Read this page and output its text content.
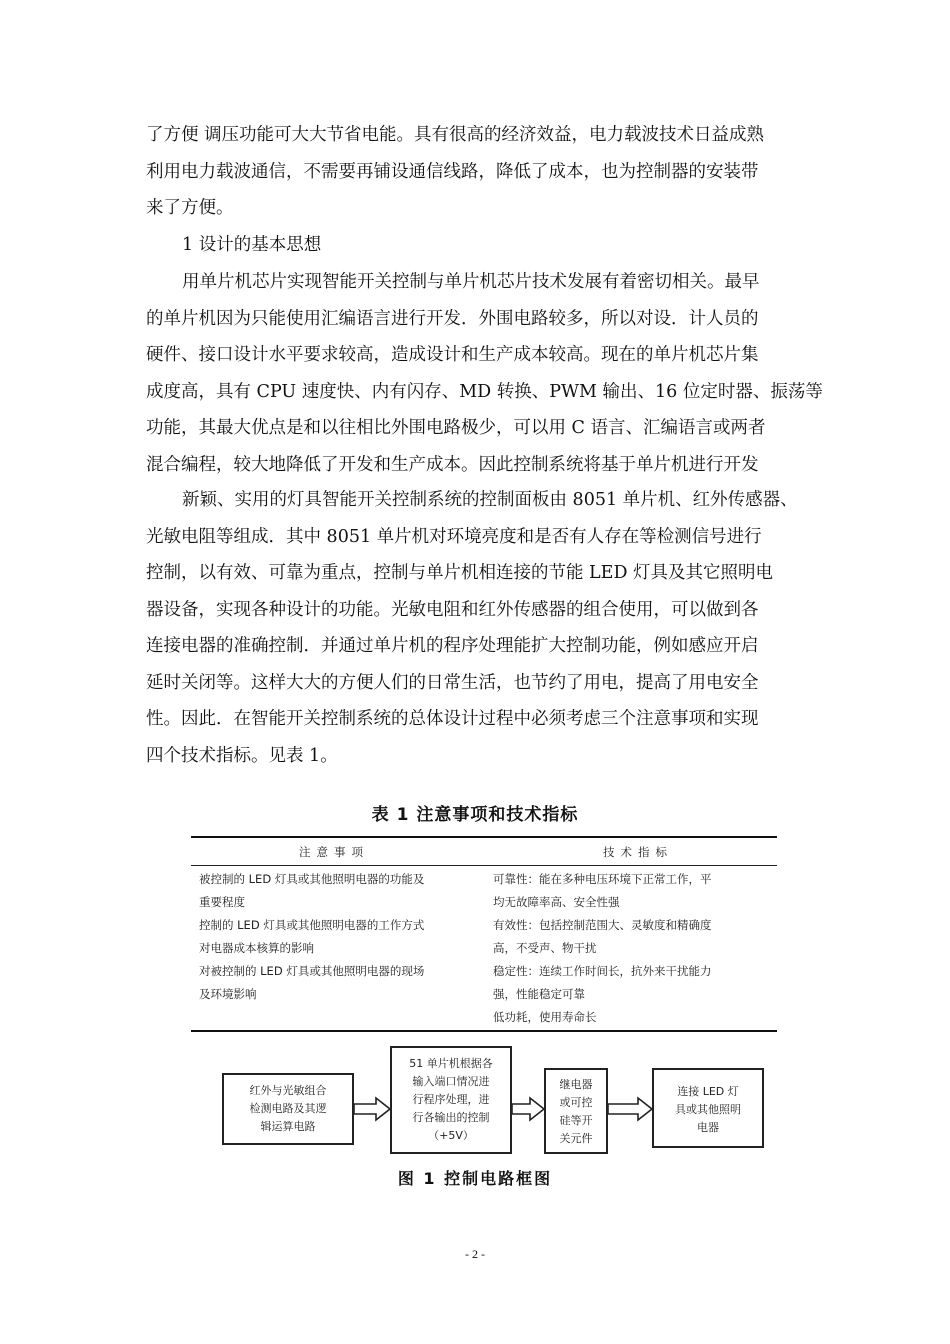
了方便 调压功能可大大节省电能。具有很高的经济效益，电力载波技术日益成熟
利用电力载波通信，不需要再铺设通信线路，降低了成本，也为控制器的安装带
来了方便。
1 设计的基本思想
用单片机芯片实现智能开关控制与单片机芯片技术发展有着密切相关。最早
的单片机因为只能使用汇编语言进行开发．外围电路较多，所以对设．计人员的
硬件、接口设计水平要求较高，造成设计和生产成本较高。现在的单片机芯片集
成度高，具有 CPU 速度快、内有闪存、MD 转换、PWM 输出、16 位定时器、振荡等
功能，其最大优点是和以往相比外围电路极少，可以用 C 语言、汇编语言或两者
混合编程，较大地降低了开发和生产成本。因此控制系统将基于单片机进行开发
新颖、实用的灯具智能开关控制系统的控制面板由 8051 单片机、红外传感器、
光敏电阻等组成．其中 8051 单片机对环境亮度和是否有人存在等检测信号进行
控制，以有效、可靠为重点，控制与单片机相连接的节能 LED 灯具及其它照明电
器设备，实现各种设计的功能。光敏电阻和红外传感器的组合使用，可以做到各
连接电器的准确控制．并通过单片机的程序处理能扩大控制功能，例如感应开启
延时关闭等。这样大大的方便人们的日常生活，也节约了用电，提高了用电安全
性。因此．在智能开关控制系统的总体设计过程中必须考虑三个注意事项和实现
四个技术指标。见表 1。
表 1 注意事项和技术指标
注意事项
被控制的 LED 灯具或其他照明电器的功能及
重要程度
控制的 LED 灯具或其他照明电器的工作方式
对电器成本核算的影响
对被控制的 LED 灯具或其他照明电器的现场
及环境影响
技术指标
可靠性：能在多种电压环境下正常工作，平
均无故障率高、安全性强
有效性：包括控制范围大、灵敏度和精确度
高，不受声、物干扰
稳定性：连续工作时间长，抗外来干扰能力
强，性能稳定可靠
低功耗，使用寿命长
红外与光敏组合
检测电路及其逻
辑运算电路
51 单片机根据各
输入端口情况进
行程序处理，进
行各输出的控制
（+5V）
继电器
或可控
硅等开
关元件
连接 LED 灯
具或其他照明
电器
图 1 控制电路框图
- 2 -
